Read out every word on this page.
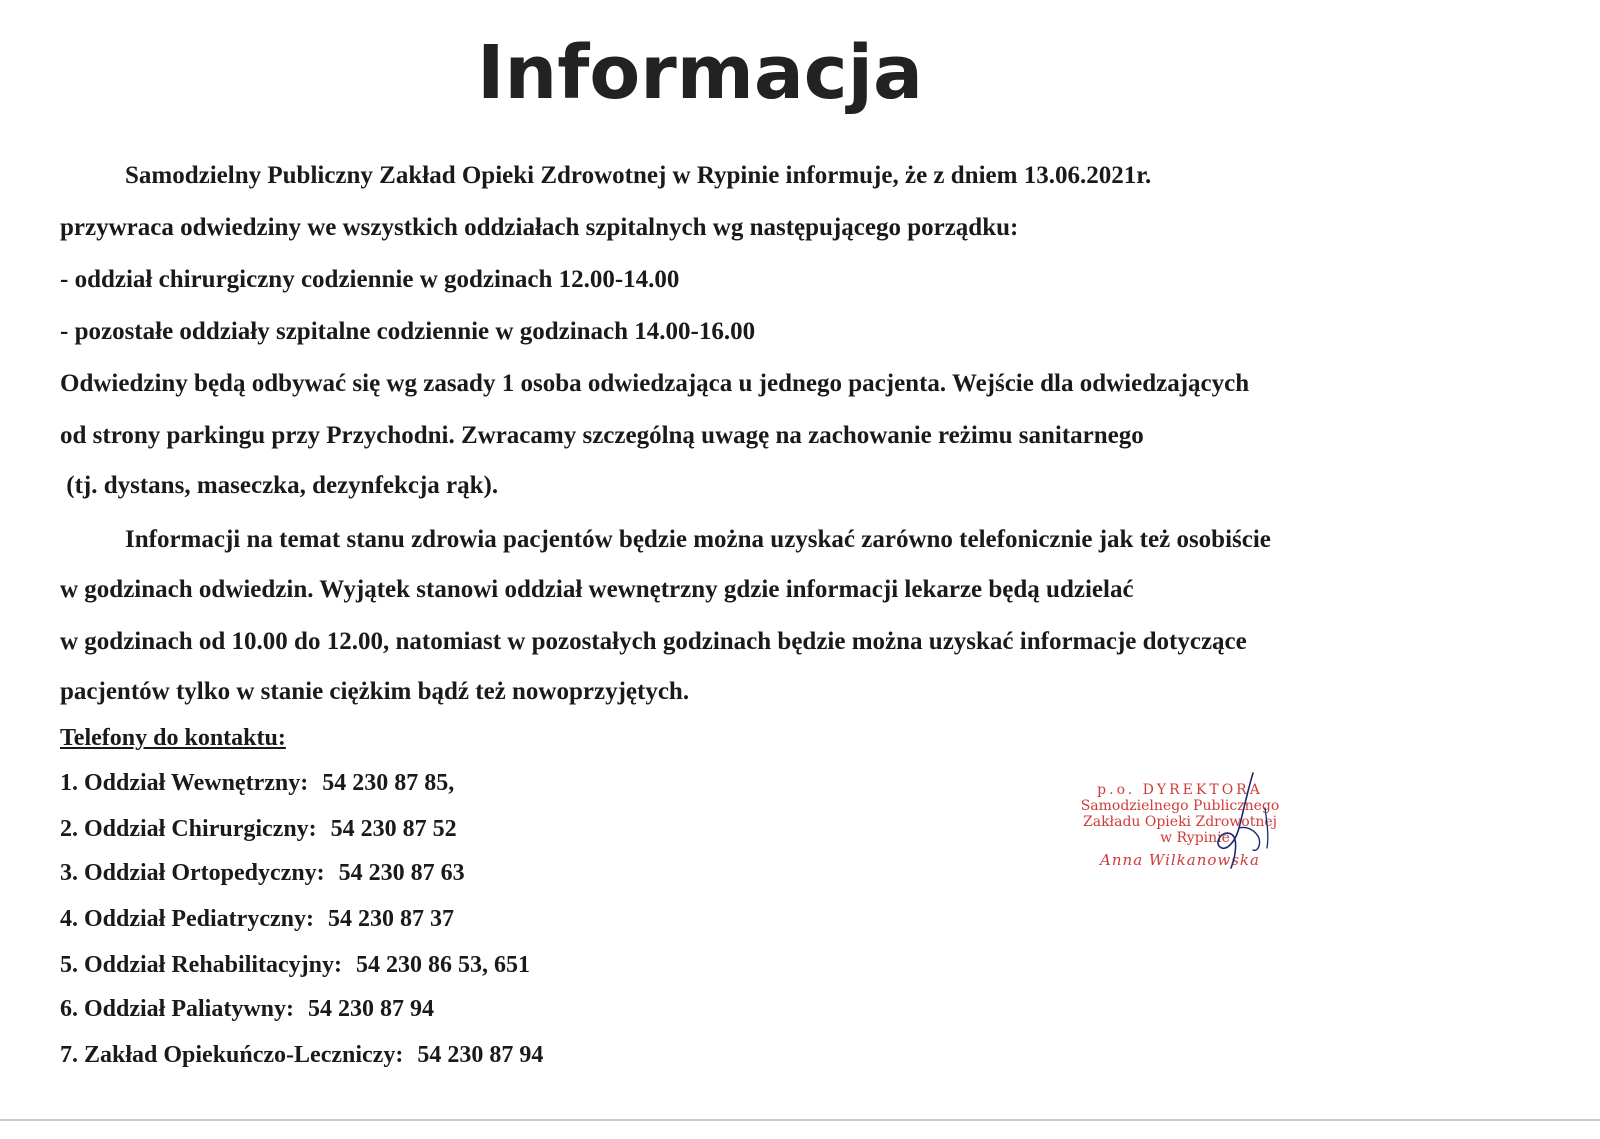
Informacja
Samodzielny Publiczny Zakład Opieki Zdrowotnej w Rypinie informuje, że z dniem 13.06.2021r.
przywraca odwiedziny we wszystkich oddziałach szpitalnych wg następującego porządku:
- oddział chirurgiczny codziennie w godzinach 12.00-14.00
- pozostałe oddziały szpitalne codziennie w godzinach 14.00-16.00
Odwiedziny będą odbywać się wg zasady 1 osoba odwiedzająca u jednego pacjenta. Wejście dla odwiedzających
od strony parkingu przy Przychodni. Zwracamy szczególną uwagę na zachowanie reżimu sanitarnego
(tj. dystans, maseczka, dezynfekcja rąk).
Informacji na temat stanu zdrowia pacjentów będzie można uzyskać zarówno telefonicznie jak też osobiście
w godzinach odwiedzin. Wyjątek stanowi oddział wewnętrzny gdzie informacji lekarze będą udzielać
w godzinach od 10.00 do 12.00, natomiast w pozostałych godzinach będzie można uzyskać informacje dotyczące
pacjentów tylko w stanie ciężkim bądź też nowoprzyjętych.
Telefony do kontaktu:
1. Oddział Wewnętrzny: 54 230 87 85,
2. Oddział Chirurgiczny: 54 230 87 52
3. Oddział Ortopedyczny: 54 230 87 63
4. Oddział Pediatryczny: 54 230 87 37
5. Oddział Rehabilitacyjny: 54 230 86 53, 651
6. Oddział Paliatywny: 54 230 87 94
7. Zakład Opiekuńczo-Leczniczy: 54 230 87 94
p.o. DYREKTORA
Samodzielnego Publicznego
Zakładu Opieki Zdrowotnej
w Rypinie
Anna Wilkanowska
